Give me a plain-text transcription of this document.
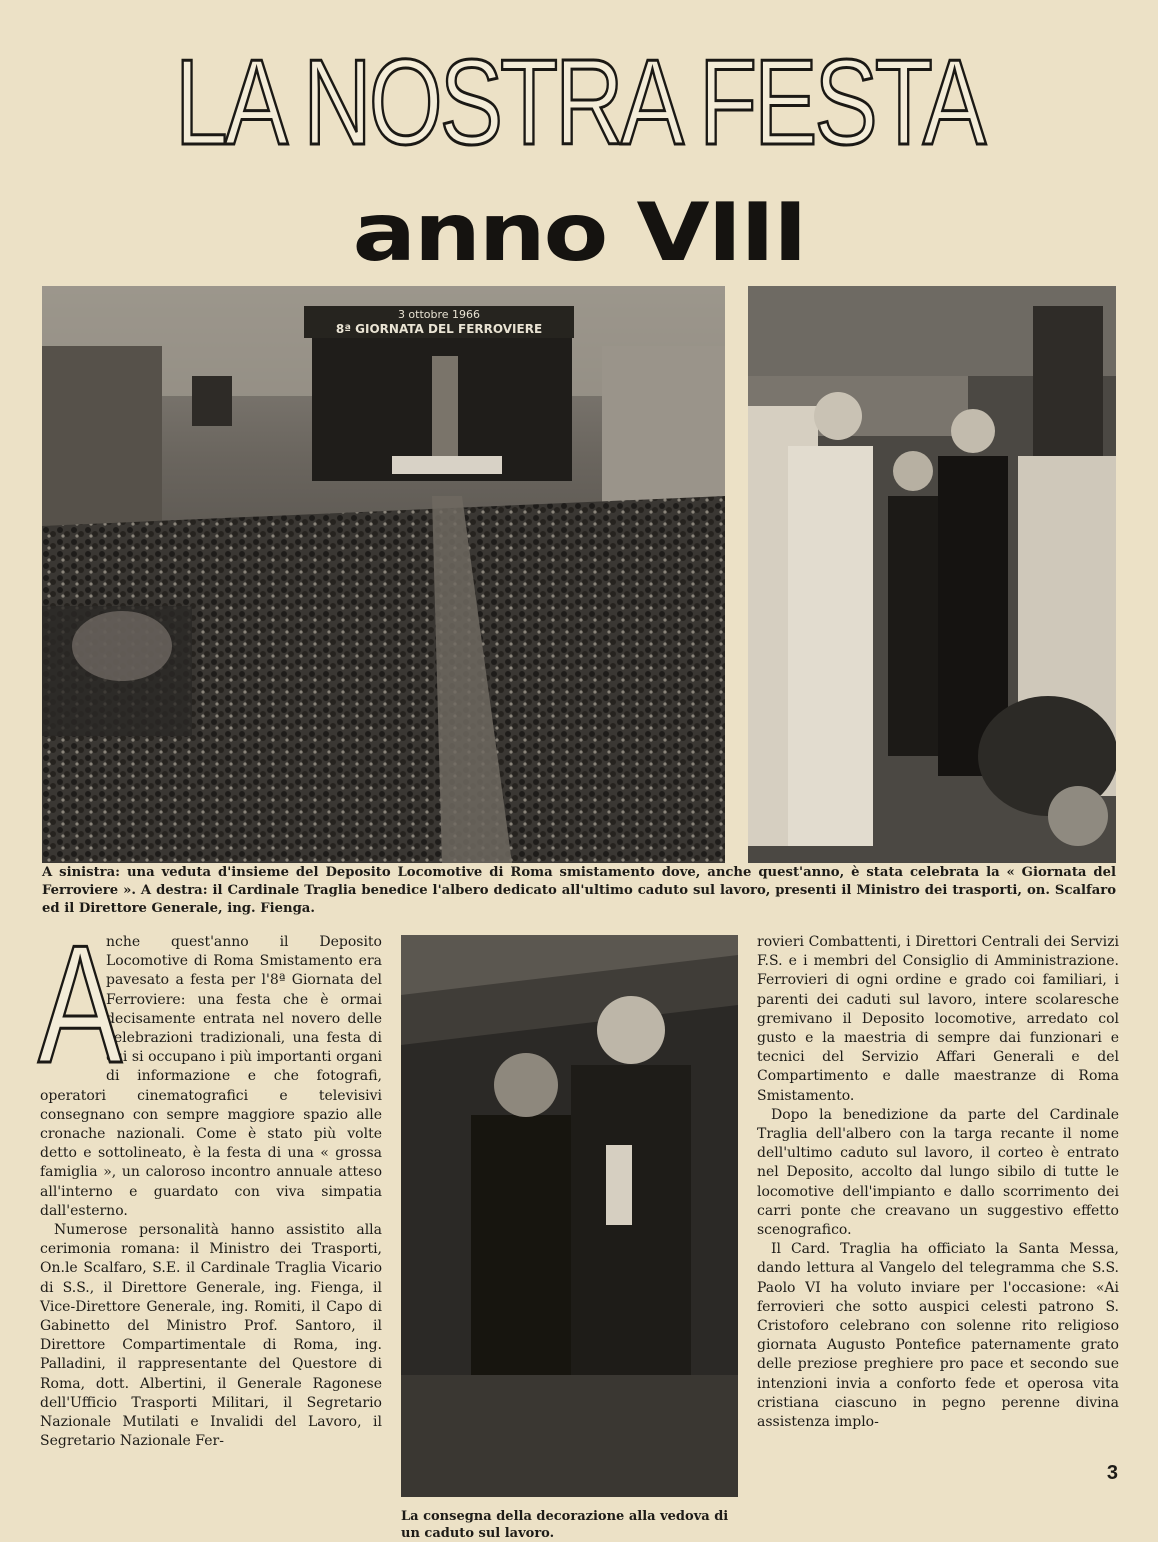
LA NOSTRA FESTA
anno VIII
3 ottobre 1966
8ª GIORNATA DEL FERROVIERE
A sinistra: una veduta d'insieme del Deposito Locomotive di Roma smistamento dove, anche quest'anno, è stata celebrata la « Giornata del Ferroviere ». A destra: il Cardinale Traglia benedice l'albero dedicato all'ultimo caduto sul lavoro, presenti il Ministro dei trasporti, on. Scalfaro ed il Direttore Generale, ing. Fienga.
A

nche quest'anno il Deposito Locomotive di Roma Smistamento era pavesato a festa per l'8ª Giornata del Ferroviere: una festa che è ormai decisamente entrata nel novero delle celebrazioni tradizionali, una festa di cui si occupano i più importanti organi di informazione e che fotografi, operatori cinematografici e televisivi consegnano con sempre maggiore spazio alle cronache nazionali. Come è stato più volte detto e sottolineato, è la festa di una « grossa famiglia », un caloroso incontro annuale atteso all'interno e guardato con viva simpatia dall'esterno.

Numerose personalità hanno assistito alla cerimonia romana: il Ministro dei Trasporti, On.le Scalfaro, S.E. il Cardinale Traglia Vicario di S.S., il Direttore Generale, ing. Fienga, il Vice-Direttore Generale, ing. Romiti, il Capo di Gabinetto del Ministro Prof. Santoro, il Direttore Compartimentale di Roma, ing. Palladini, il rappresentante del Questore di Roma, dott. Albertini, il Generale Ragonese dell'Ufficio Trasporti Militari, il Segretario Nazionale Mutilati e Invalidi del Lavoro, il Segretario Nazionale Fer-

La consegna della decorazione alla vedova di un caduto sul lavoro.

rovieri Combattenti, i Direttori Centrali dei Servizi F.S. e i membri del Consiglio di Amministrazione. Ferrovieri di ogni ordine e grado coi familiari, i parenti dei caduti sul lavoro, intere scolaresche gremivano il Deposito locomotive, arredato col gusto e la maestria di sempre dai funzionari e tecnici del Servizio Affari Generali e del Compartimento e dalle maestranze di Roma Smistamento.

Dopo la benedizione da parte del Cardinale Traglia dell'albero con la targa recante il nome dell'ultimo caduto sul lavoro, il corteo è entrato nel Deposito, accolto dal lungo sibilo di tutte le locomotive dell'impianto e dallo scorrimento dei carri ponte che creavano un suggestivo effetto scenografico.

Il Card. Traglia ha officiato la Santa Messa, dando lettura al Vangelo del telegramma che S.S. Paolo VI ha voluto inviare per l'occasione: «Ai ferrovieri che sotto auspici celesti patrono S. Cristoforo celebrano con solenne rito religioso giornata Augusto Pontefice paternamente grato delle preziose preghiere pro pace et secondo sue intenzioni invia a conforto fede et operosa vita cristiana ciascuno in pegno perenne divina assistenza implo-

3
